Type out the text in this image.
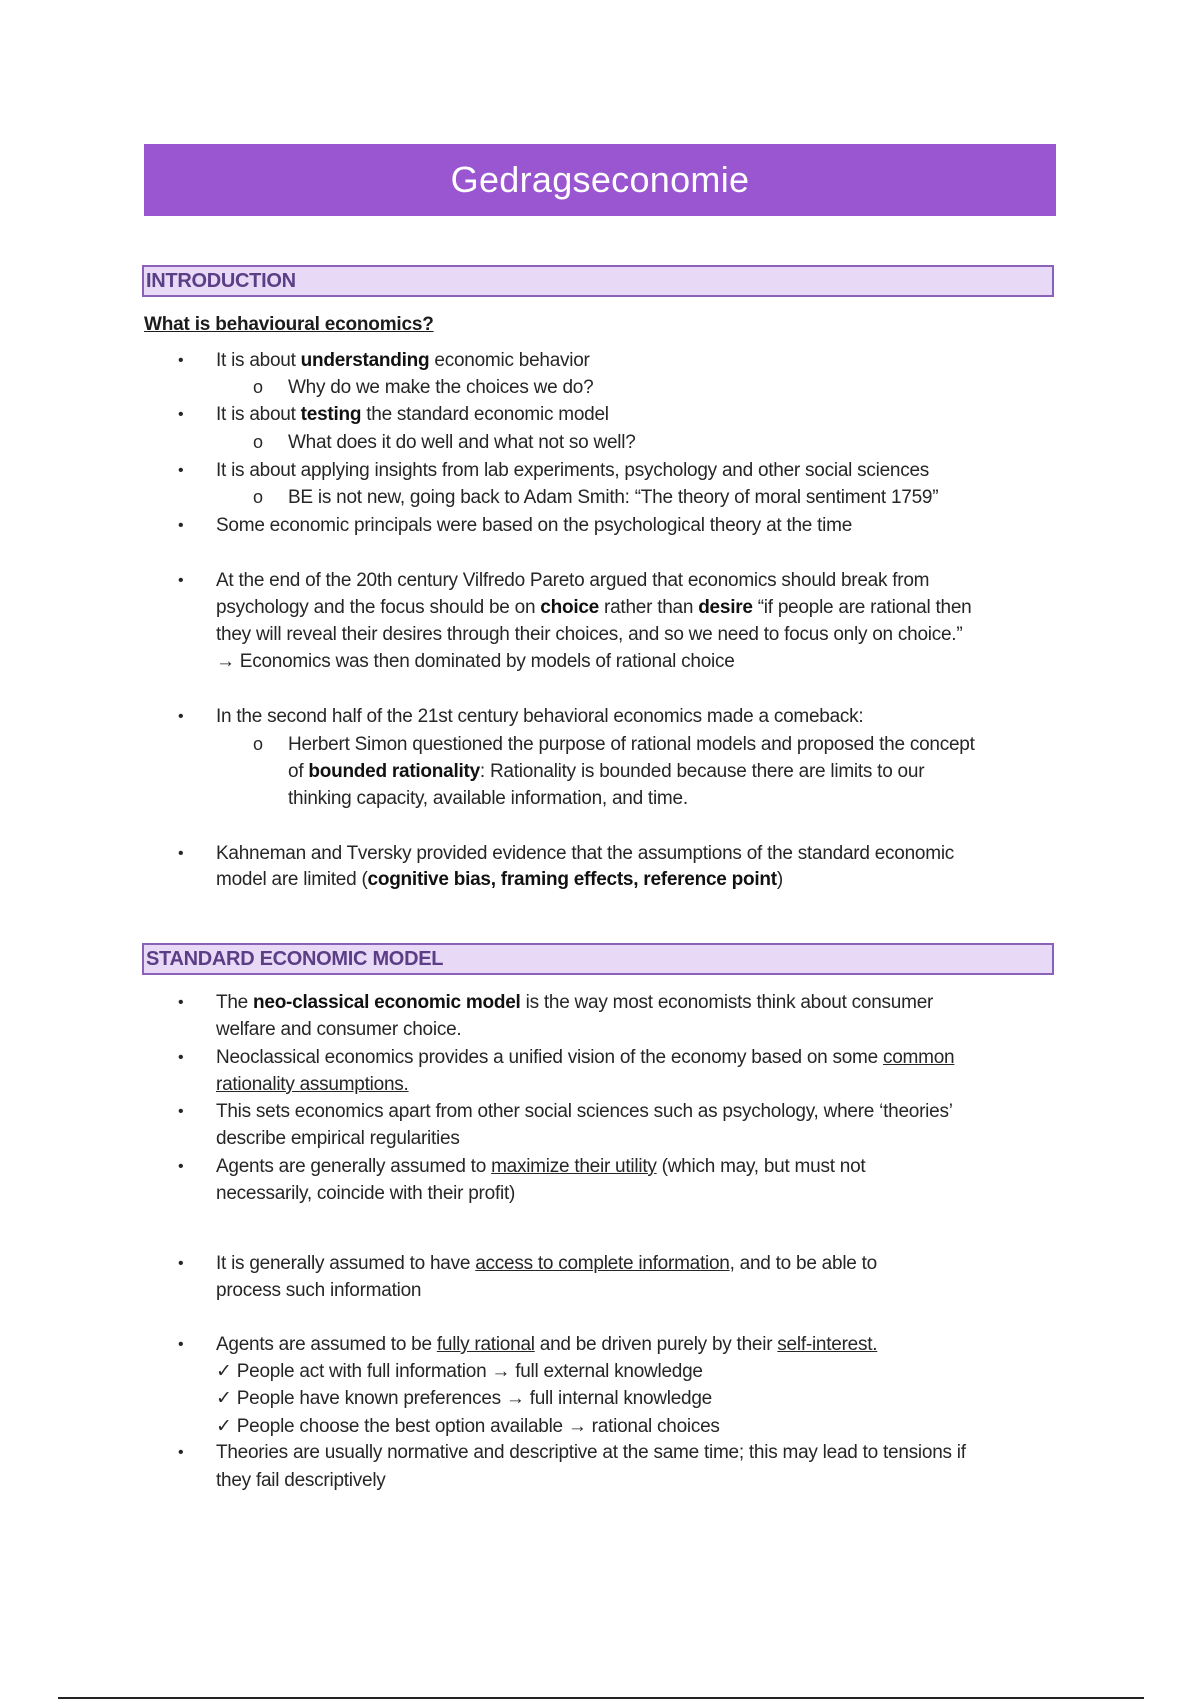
Gedragseconomie
INTRODUCTION
What is behavioural economics?
• It is about understanding economic behavior
o Why do we make the choices we do?
• It is about testing the standard economic model
o What does it do well and what not so well?
• It is about applying insights from lab experiments, psychology and other social sciences
o BE is not new, going back to Adam Smith: “The theory of moral sentiment 1759”
• Some economic principals were based on the psychological theory at the time
• At the end of the 20th century Vilfredo Pareto argued that economics should break from
psychology and the focus should be on choice rather than desire “if people are rational then
they will reveal their desires through their choices, and so we need to focus only on choice.”
→ Economics was then dominated by models of rational choice
• In the second half of the 21st century behavioral economics made a comeback:
o Herbert Simon questioned the purpose of rational models and proposed the concept
of bounded rationality: Rationality is bounded because there are limits to our
thinking capacity, available information, and time.
• Kahneman and Tversky provided evidence that the assumptions of the standard economic
model are limited (cognitive bias, framing effects, reference point)
STANDARD ECONOMIC MODEL
• The neo-classical economic model is the way most economists think about consumer
welfare and consumer choice.
• Neoclassical economics provides a unified vision of the economy based on some common
rationality assumptions.
• This sets economics apart from other social sciences such as psychology, where ‘theories’
describe empirical regularities
• Agents are generally assumed to maximize their utility (which may, but must not
necessarily, coincide with their profit)
• It is generally assumed to have access to complete information, and to be able to
process such information
• Agents are assumed to be fully rational and be driven purely by their self-interest.
✓ People act with full information → full external knowledge
✓ People have known preferences → full internal knowledge
✓ People choose the best option available → rational choices
• Theories are usually normative and descriptive at the same time; this may lead to tensions if
they fail descriptively
